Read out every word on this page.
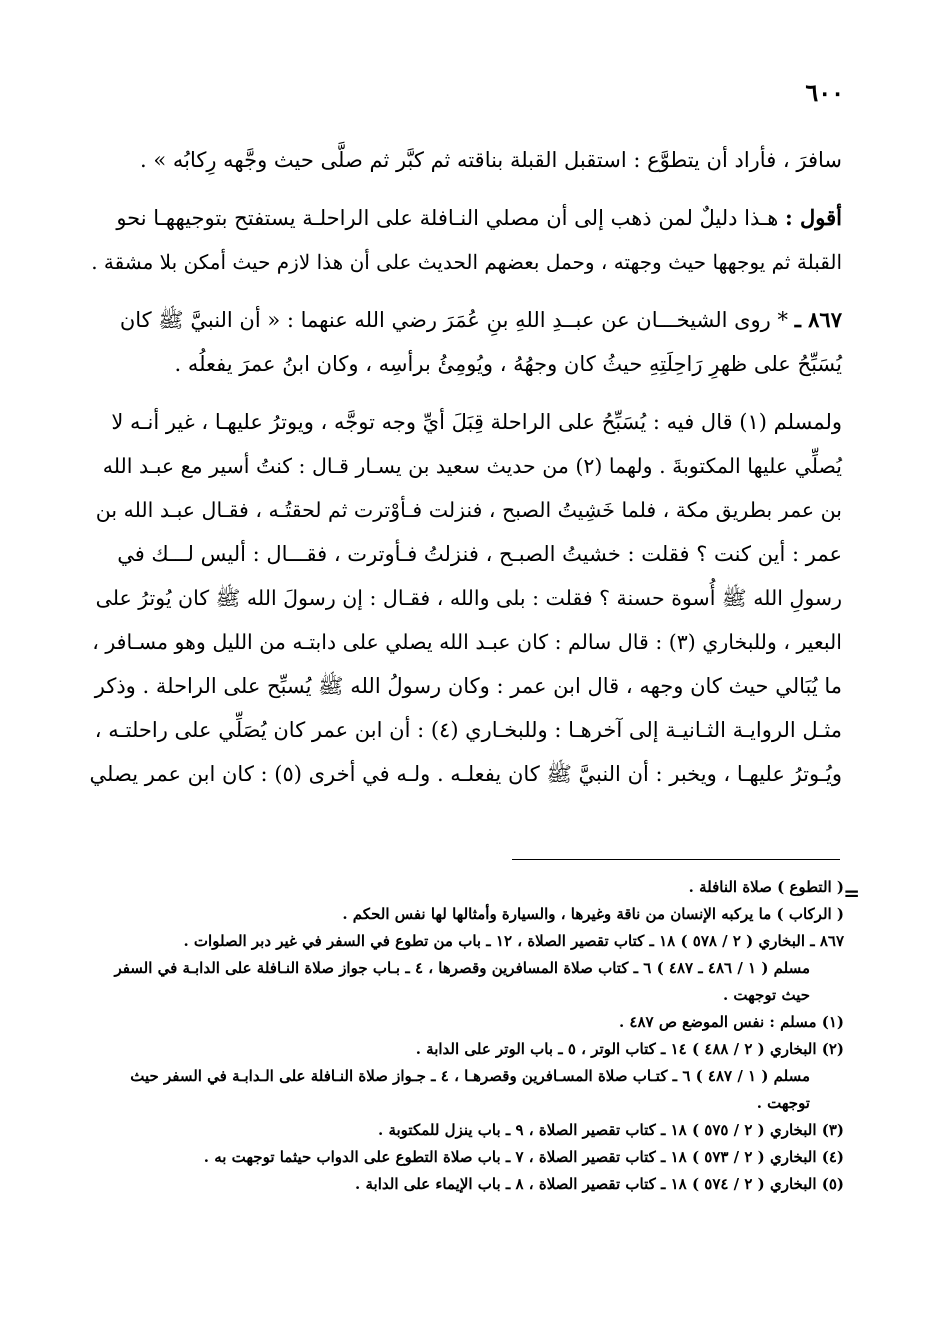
٦٠٠

سافرَ ، فأراد أن يتطوَّع : استقبل القبلة بناقته ثم كبَّر ثم صلَّى حيث وجَّهه رِكابُه » .

أقول : هـذا دليلٌ لمن ذهب إلى أن مصلي النـافلة على الراحلـة يستفتح بتوجيههـا نحو
القبلة ثم يوجهها حيث وجهته ، وحمل بعضهم الحديث على أن هذا لازم حيث أمكن بلا مشقة .

٨٦٧ ـ * روى الشيخـــان عن عبــدِ اللهِ بنِ عُمَرَ رضي الله عنهما : « أن النبيَّ ﷺ كان
يُسَبِّحُ على ظهرِ رَاحِلَتِهِ حيثُ كان وجهُهُ ، ويُومِئُ برأسِه ، وكان ابنُ عمرَ يفعلُه .

ولمسلم (١) قال فيه : يُسَبِّحُ على الراحلة قِبَلَ أيِّ وجه توجَّه ، ويوترُ عليهـا ، غير أنـه لا
يُصلِّي عليها المكتوبةَ . ولهما (٢) من حديث سعيد بن يسـار قـال : كنتُ أسير مع عبـد الله
بن عمر بطريق مكة ، فلما خَشِيتُ الصبح ، فنزلت فـأوْترت ثم لحقتُـه ، فقـال عبـد الله بن
عمر : أين كنت ؟ فقلت : خشيتُ الصبـح ، فنزلتُ فـأوترت ، فقـــال : أليس لـــك في
رسولِ الله ﷺ أُسوة حسنة ؟ فقلت : بلى والله ، فقـال : إن رسولَ الله ﷺ كان يُوترُ على
البعير ، وللبخاري (٣) : قال سالم : كان عبـد الله يصلي على دابتـه من الليل وهو مسـافر ،
ما يُبَالي حيث كان وجهه ، قال ابن عمر : وكان رسولُ الله ﷺ يُسبِّح على الراحلة . وذكر
مثـل الروايـة الثـانيـة إلى آخرهـا : وللبخـاري (٤) : أن ابن عمر كان يُصَلِّي على راحلتـه ،
ويُـوترُ عليهـا ، ويخبر : أن النبيَّ ﷺ كان يفعلـه . ولـه في أخرى (٥) : كان ابن عمر يصلي

=
( التطوع ) صلاة النافلة .
( الركاب ) ما يركبه الإنسان من ناقة وغيرها ، والسيارة وأمثالها لها نفس الحكم .
٨٦٧ ـ البخاري ( ٢ / ٥٧٨ ) ١٨ ـ كتاب تقصير الصلاة ، ١٢ ـ باب من تطوع في السفر في غير دبر الصلوات .
مسلم ( ١ / ٤٨٦ ـ ٤٨٧ ) ٦ ـ كتاب صلاة المسافرين وقصرها ، ٤ ـ بـاب جواز صلاة النـافلة على الدابـة في السفر
حيث توجهت .
(١) مسلم : نفس الموضع ص ٤٨٧ .
(٢) البخاري ( ٢ / ٤٨٨ ) ١٤ ـ كتاب الوتر ، ٥ ـ باب الوتر على الدابة .
مسلم ( ١ / ٤٨٧ ) ٦ ـ كتـاب صلاة المسـافرين وقصرهـا ، ٤ ـ جـواز صلاة النـافلة على الـدابـة في السفر حيث
توجهت .
(٣) البخاري ( ٢ / ٥٧٥ ) ١٨ ـ كتاب تقصير الصلاة ، ٩ ـ باب ينزل للمكتوبة .
(٤) البخاري ( ٢ / ٥٧٣ ) ١٨ ـ كتاب تقصير الصلاة ، ٧ ـ باب صلاة التطوع على الدواب حيثما توجهت به .
(٥) البخاري ( ٢ / ٥٧٤ ) ١٨ ـ كتاب تقصير الصلاة ، ٨ ـ باب الإيماء على الدابة .
